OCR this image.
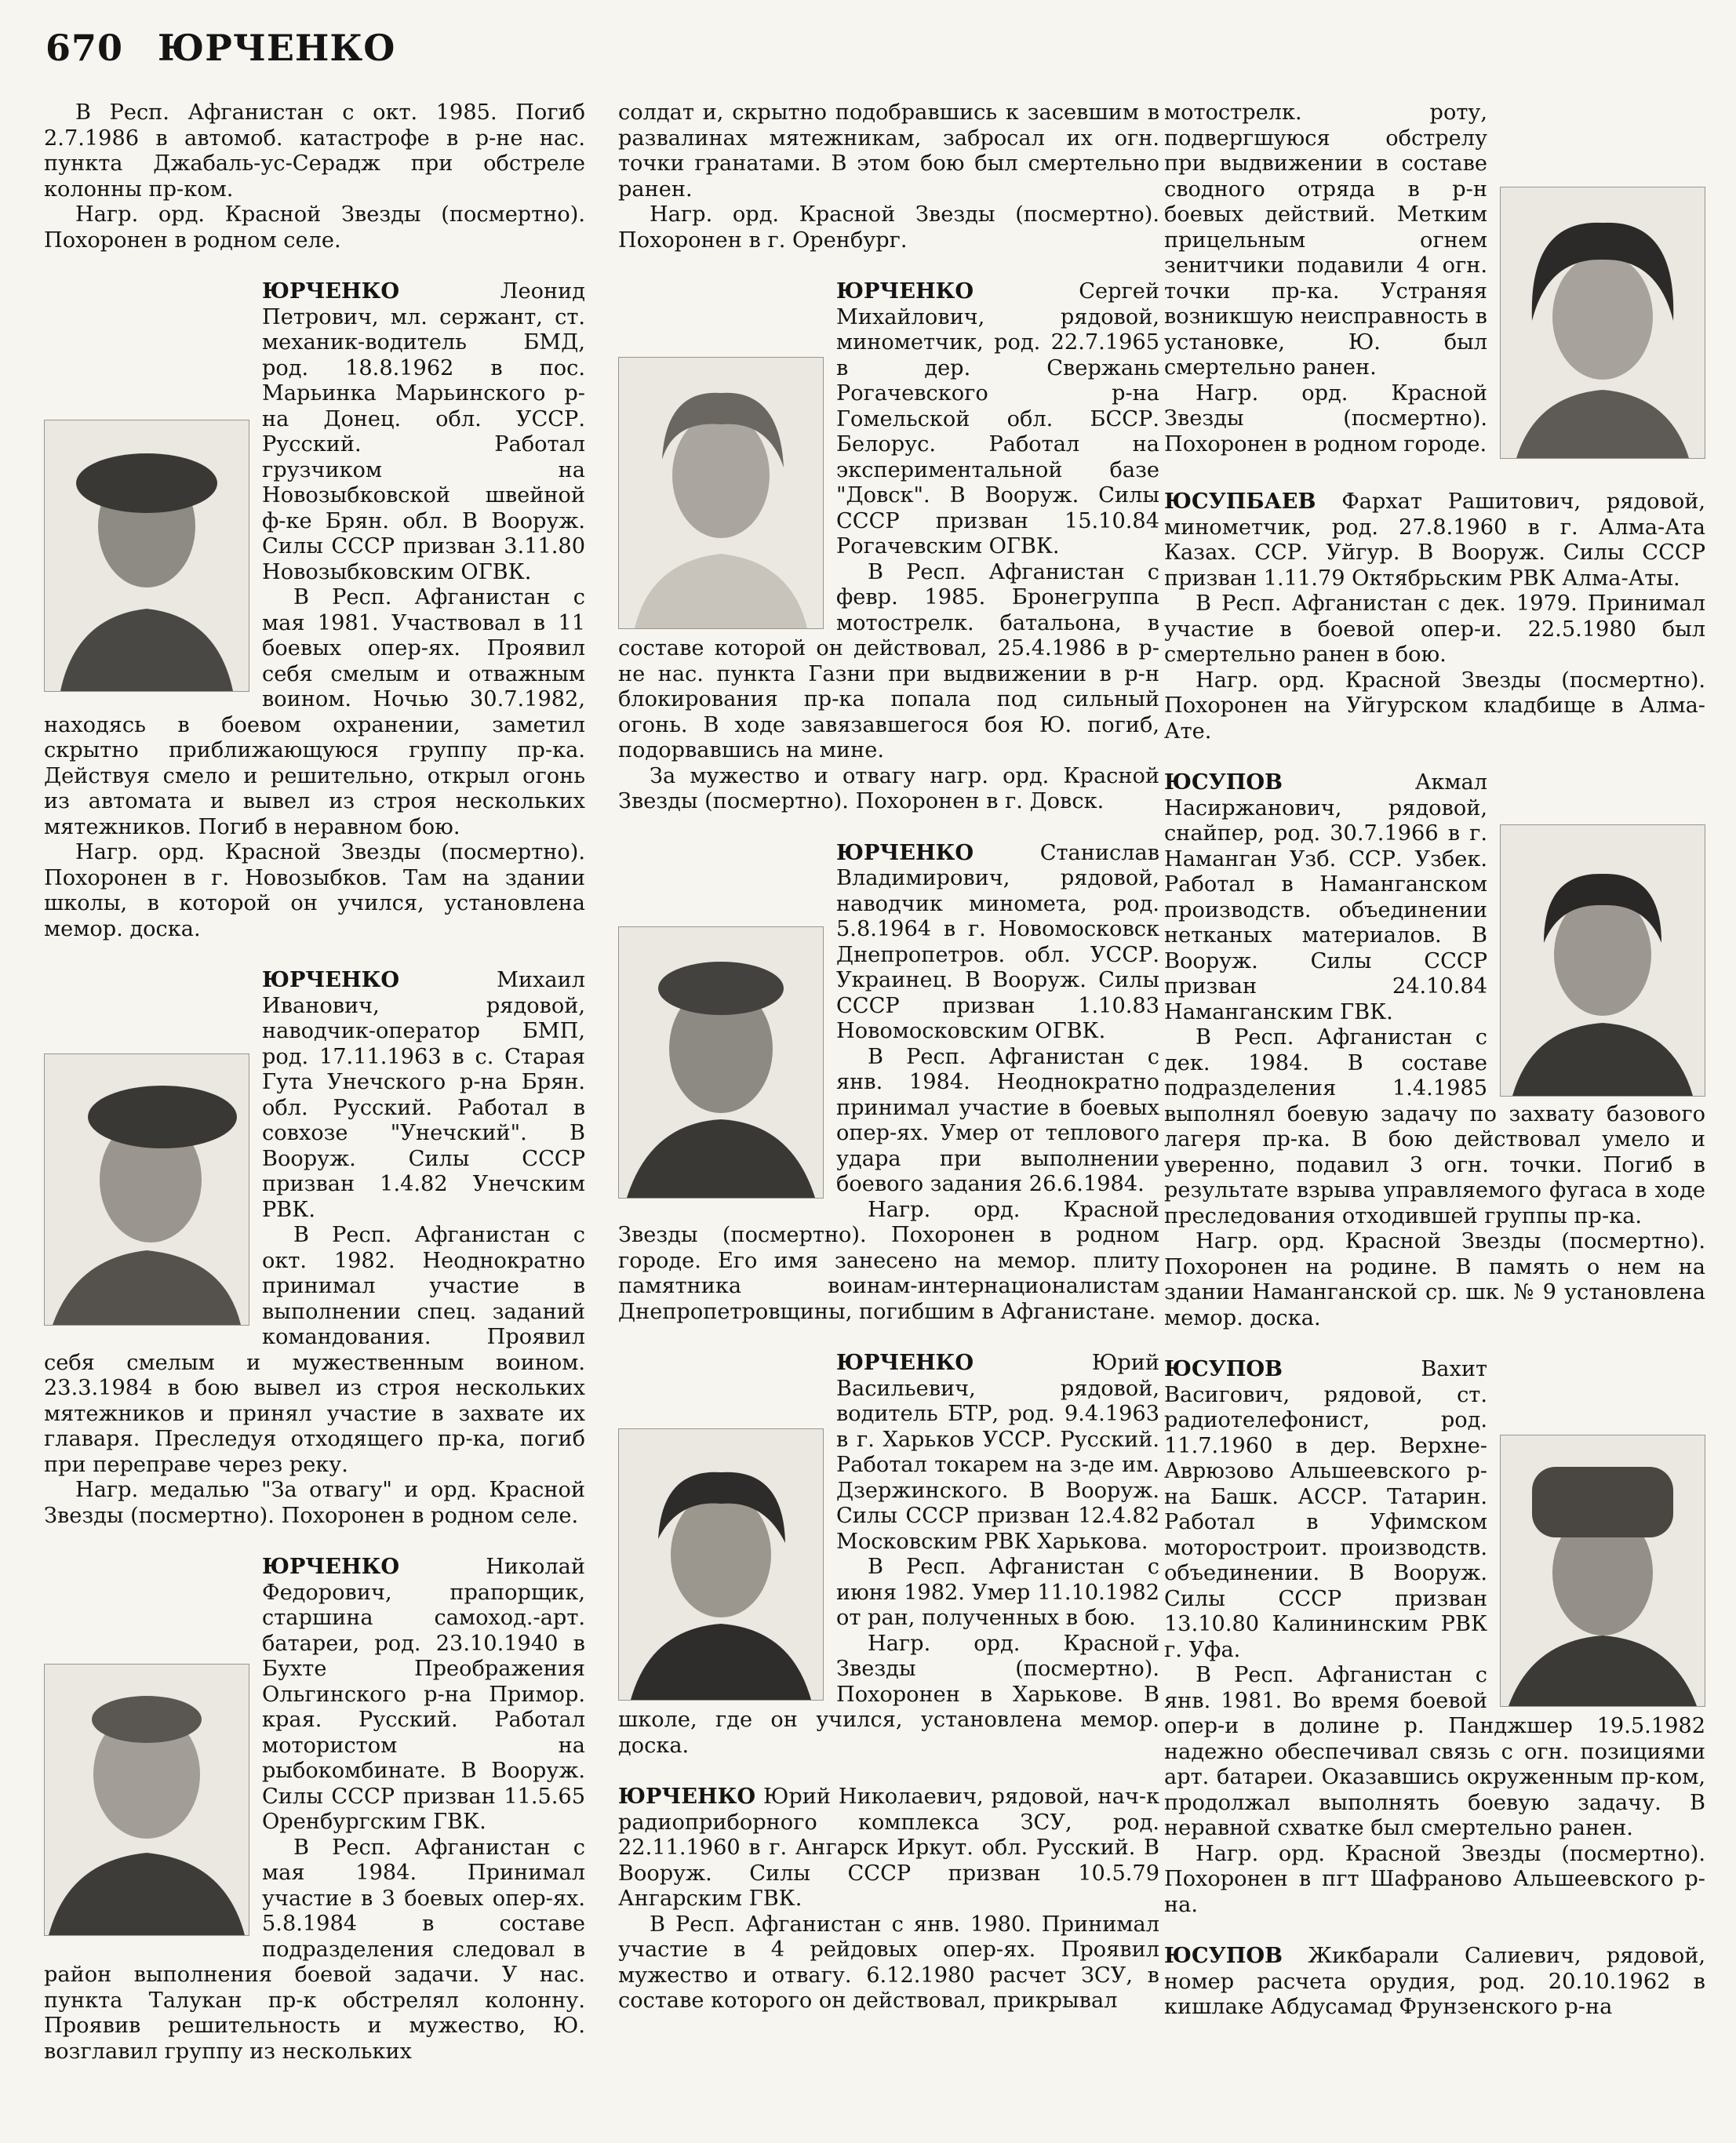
670 ЮРЧЕНКО

В Респ. Афганистан с окт. 1985. Погиб 2.7.1986 в автомоб. катастрофе в р-не нас. пункта Джабаль-ус-Серадж при обстреле колонны пр-ком.

Нагр. орд. Красной Звезды (посмертно). Похоронен в родном селе.

ЮРЧЕНКО Леонид Петрович, мл. сержант, ст. механик-водитель БМД, род. 18.8.1962 в пос. Марьинка Марьинского р-на Донец. обл. УССР. Русский. Работал грузчиком на Новозыбковской швейной ф-ке Брян. обл. В Вооруж. Силы СССР призван 3.11.80 Новозыбковским ОГВК.

В Респ. Афганистан с мая 1981. Участвовал в 11 боевых опер-ях. Проявил себя смелым и отважным воином. Ночью 30.7.1982, находясь в боевом охранении, заметил скрытно приближающуюся группу пр-ка. Действуя смело и решительно, открыл огонь из автомата и вывел из строя нескольких мятежников. Погиб в неравном бою.

Нагр. орд. Красной Звезды (посмертно). Похоронен в г. Новозыбков. Там на здании школы, в которой он учился, установлена мемор. доска.

ЮРЧЕНКО Михаил Иванович, рядовой, наводчик-оператор БМП, род. 17.11.1963 в с. Старая Гута Унечского р-на Брян. обл. Русский. Работал в совхозе "Унечский". В Вооруж. Силы СССР призван 1.4.82 Унечским РВК.

В Респ. Афганистан с окт. 1982. Неоднократно принимал участие в выполнении спец. заданий командования. Проявил себя смелым и мужественным воином. 23.3.1984 в бою вывел из строя нескольких мятежников и принял участие в захвате их главаря. Преследуя отходящего пр-ка, погиб при переправе через реку.

Нагр. медалью "За отвагу" и орд. Красной Звезды (посмертно). Похоронен в родном селе.

ЮРЧЕНКО Николай Федорович, прапорщик, старшина самоход.-арт. батареи, род. 23.10.1940 в Бухте Преображения Ольгинского р-на Примор. края. Русский. Работал мотористом на рыбокомбинате. В Вооруж. Силы СССР призван 11.5.65 Оренбургским ГВК.

В Респ. Афганистан с мая 1984. Принимал участие в 3 боевых опер-ях. 5.8.1984 в составе подразделения следовал в район выполнения боевой задачи. У нас. пункта Талукан пр-к обстрелял колонну. Проявив решительность и мужество, Ю. возглавил группу из нескольких

солдат и, скрытно подобравшись к засевшим в развалинах мятежникам, забросал их огн. точки гранатами. В этом бою был смертельно ранен.

Нагр. орд. Красной Звезды (посмертно). Похоронен в г. Оренбург.

ЮРЧЕНКО Сергей Михайлович, рядовой, минометчик, род. 22.7.1965 в дер. Свержань Рогачевского р-на Гомельской обл. БССР. Белорус. Работал на экспериментальной базе "Довск". В Вооруж. Силы СССР призван 15.10.84 Рогачевским ОГВК.

В Респ. Афганистан с февр. 1985. Бронегруппа мотострелк. батальона, в составе которой он действовал, 25.4.1986 в р-не нас. пункта Газни при выдвижении в р-н блокирования пр-ка попала под сильный огонь. В ходе завязавшегося боя Ю. погиб, подорвавшись на мине.

За мужество и отвагу нагр. орд. Красной Звезды (посмертно). Похоронен в г. Довск.

ЮРЧЕНКО Станислав Владимирович, рядовой, наводчик миномета, род. 5.8.1964 в г. Новомосковск Днепропетров. обл. УССР. Украинец. В Вооруж. Силы СССР призван 1.10.83 Новомосковским ОГВК.

В Респ. Афганистан с янв. 1984. Неоднократно принимал участие в боевых опер-ях. Умер от теплового удара при выполнении боевого задания 26.6.1984.

Нагр. орд. Красной Звезды (посмертно). Похоронен в родном городе. Его имя занесено на мемор. плиту памятника воинам-интернационалистам Днепропетровщины, погибшим в Афганистане.

ЮРЧЕНКО Юрий Васильевич, рядовой, водитель БТР, род. 9.4.1963 в г. Харьков УССР. Русский. Работал токарем на з-де им. Дзержинского. В Вооруж. Силы СССР призван 12.4.82 Московским РВК Харькова.

В Респ. Афганистан с июня 1982. Умер 11.10.1982 от ран, полученных в бою.

Нагр. орд. Красной Звезды (посмертно). Похоронен в Харькове. В школе, где он учился, установлена мемор. доска.

ЮРЧЕНКО Юрий Николаевич, рядовой, нач-к радиоприборного комплекса ЗСУ, род. 22.11.1960 в г. Ангарск Иркут. обл. Русский. В Вооруж. Силы СССР призван 10.5.79 Ангарским ГВК.

В Респ. Афганистан с янв. 1980. Принимал участие в 4 рейдовых опер-ях. Проявил мужество и отвагу. 6.12.1980 расчет ЗСУ, в составе которого он действовал, прикрывал

мотострелк. роту, подвергшуюся обстрелу при выдвижении в составе сводного отряда в р-н боевых действий. Метким прицельным огнем зенитчики подавили 4 огн. точки пр-ка. Устраняя возникшую неисправность в установке, Ю. был смертельно ранен.

Нагр. орд. Красной Звезды (посмертно). Похоронен в родном городе.

ЮСУПБАЕВ Фархат Рашитович, рядовой, минометчик, род. 27.8.1960 в г. Алма-Ата Казах. ССР. Уйгур. В Вооруж. Силы СССР призван 1.11.79 Октябрьским РВК Алма-Аты.

В Респ. Афганистан с дек. 1979. Принимал участие в боевой опер-и. 22.5.1980 был смертельно ранен в бою.

Нагр. орд. Красной Звезды (посмертно). Похоронен на Уйгурском кладбище в Алма-Ате.

ЮСУПОВ Акмал Насиржанович, рядовой, снайпер, род. 30.7.1966 в г. Наманган Узб. ССР. Узбек. Работал в Наманганском производств. объединении нетканых материалов. В Вооруж. Силы СССР призван 24.10.84 Наманганским ГВК.

В Респ. Афганистан с дек. 1984. В составе подразделения 1.4.1985 выполнял боевую задачу по захвату базового лагеря пр-ка. В бою действовал умело и уверенно, подавил 3 огн. точки. Погиб в результате взрыва управляемого фугаса в ходе преследования отходившей группы пр-ка.

Нагр. орд. Красной Звезды (посмертно). Похоронен на родине. В память о нем на здании Наманганской ср. шк. № 9 установлена мемор. доска.

ЮСУПОВ Вахит Васигович, рядовой, ст. радиотелефонист, род. 11.7.1960 в дер. Верхне-Аврюзово Альшеевского р-на Башк. АССР. Татарин. Работал в Уфимском моторостроит. производств. объединении. В Вооруж. Силы СССР призван 13.10.80 Калининским РВК г. Уфа.

В Респ. Афганистан с янв. 1981. Во время боевой опер-и в долине р. Панджшер 19.5.1982 надежно обеспечивал связь с огн. позициями арт. батареи. Оказавшись окруженным пр-ком, продолжал выполнять боевую задачу. В неравной схватке был смертельно ранен.

Нагр. орд. Красной Звезды (посмертно). Похоронен в пгт Шафраново Альшеевского р-на.

ЮСУПОВ Жикбарали Салиевич, рядовой, номер расчета орудия, род. 20.10.1962 в кишлаке Абдусамад Фрунзенского р-на
